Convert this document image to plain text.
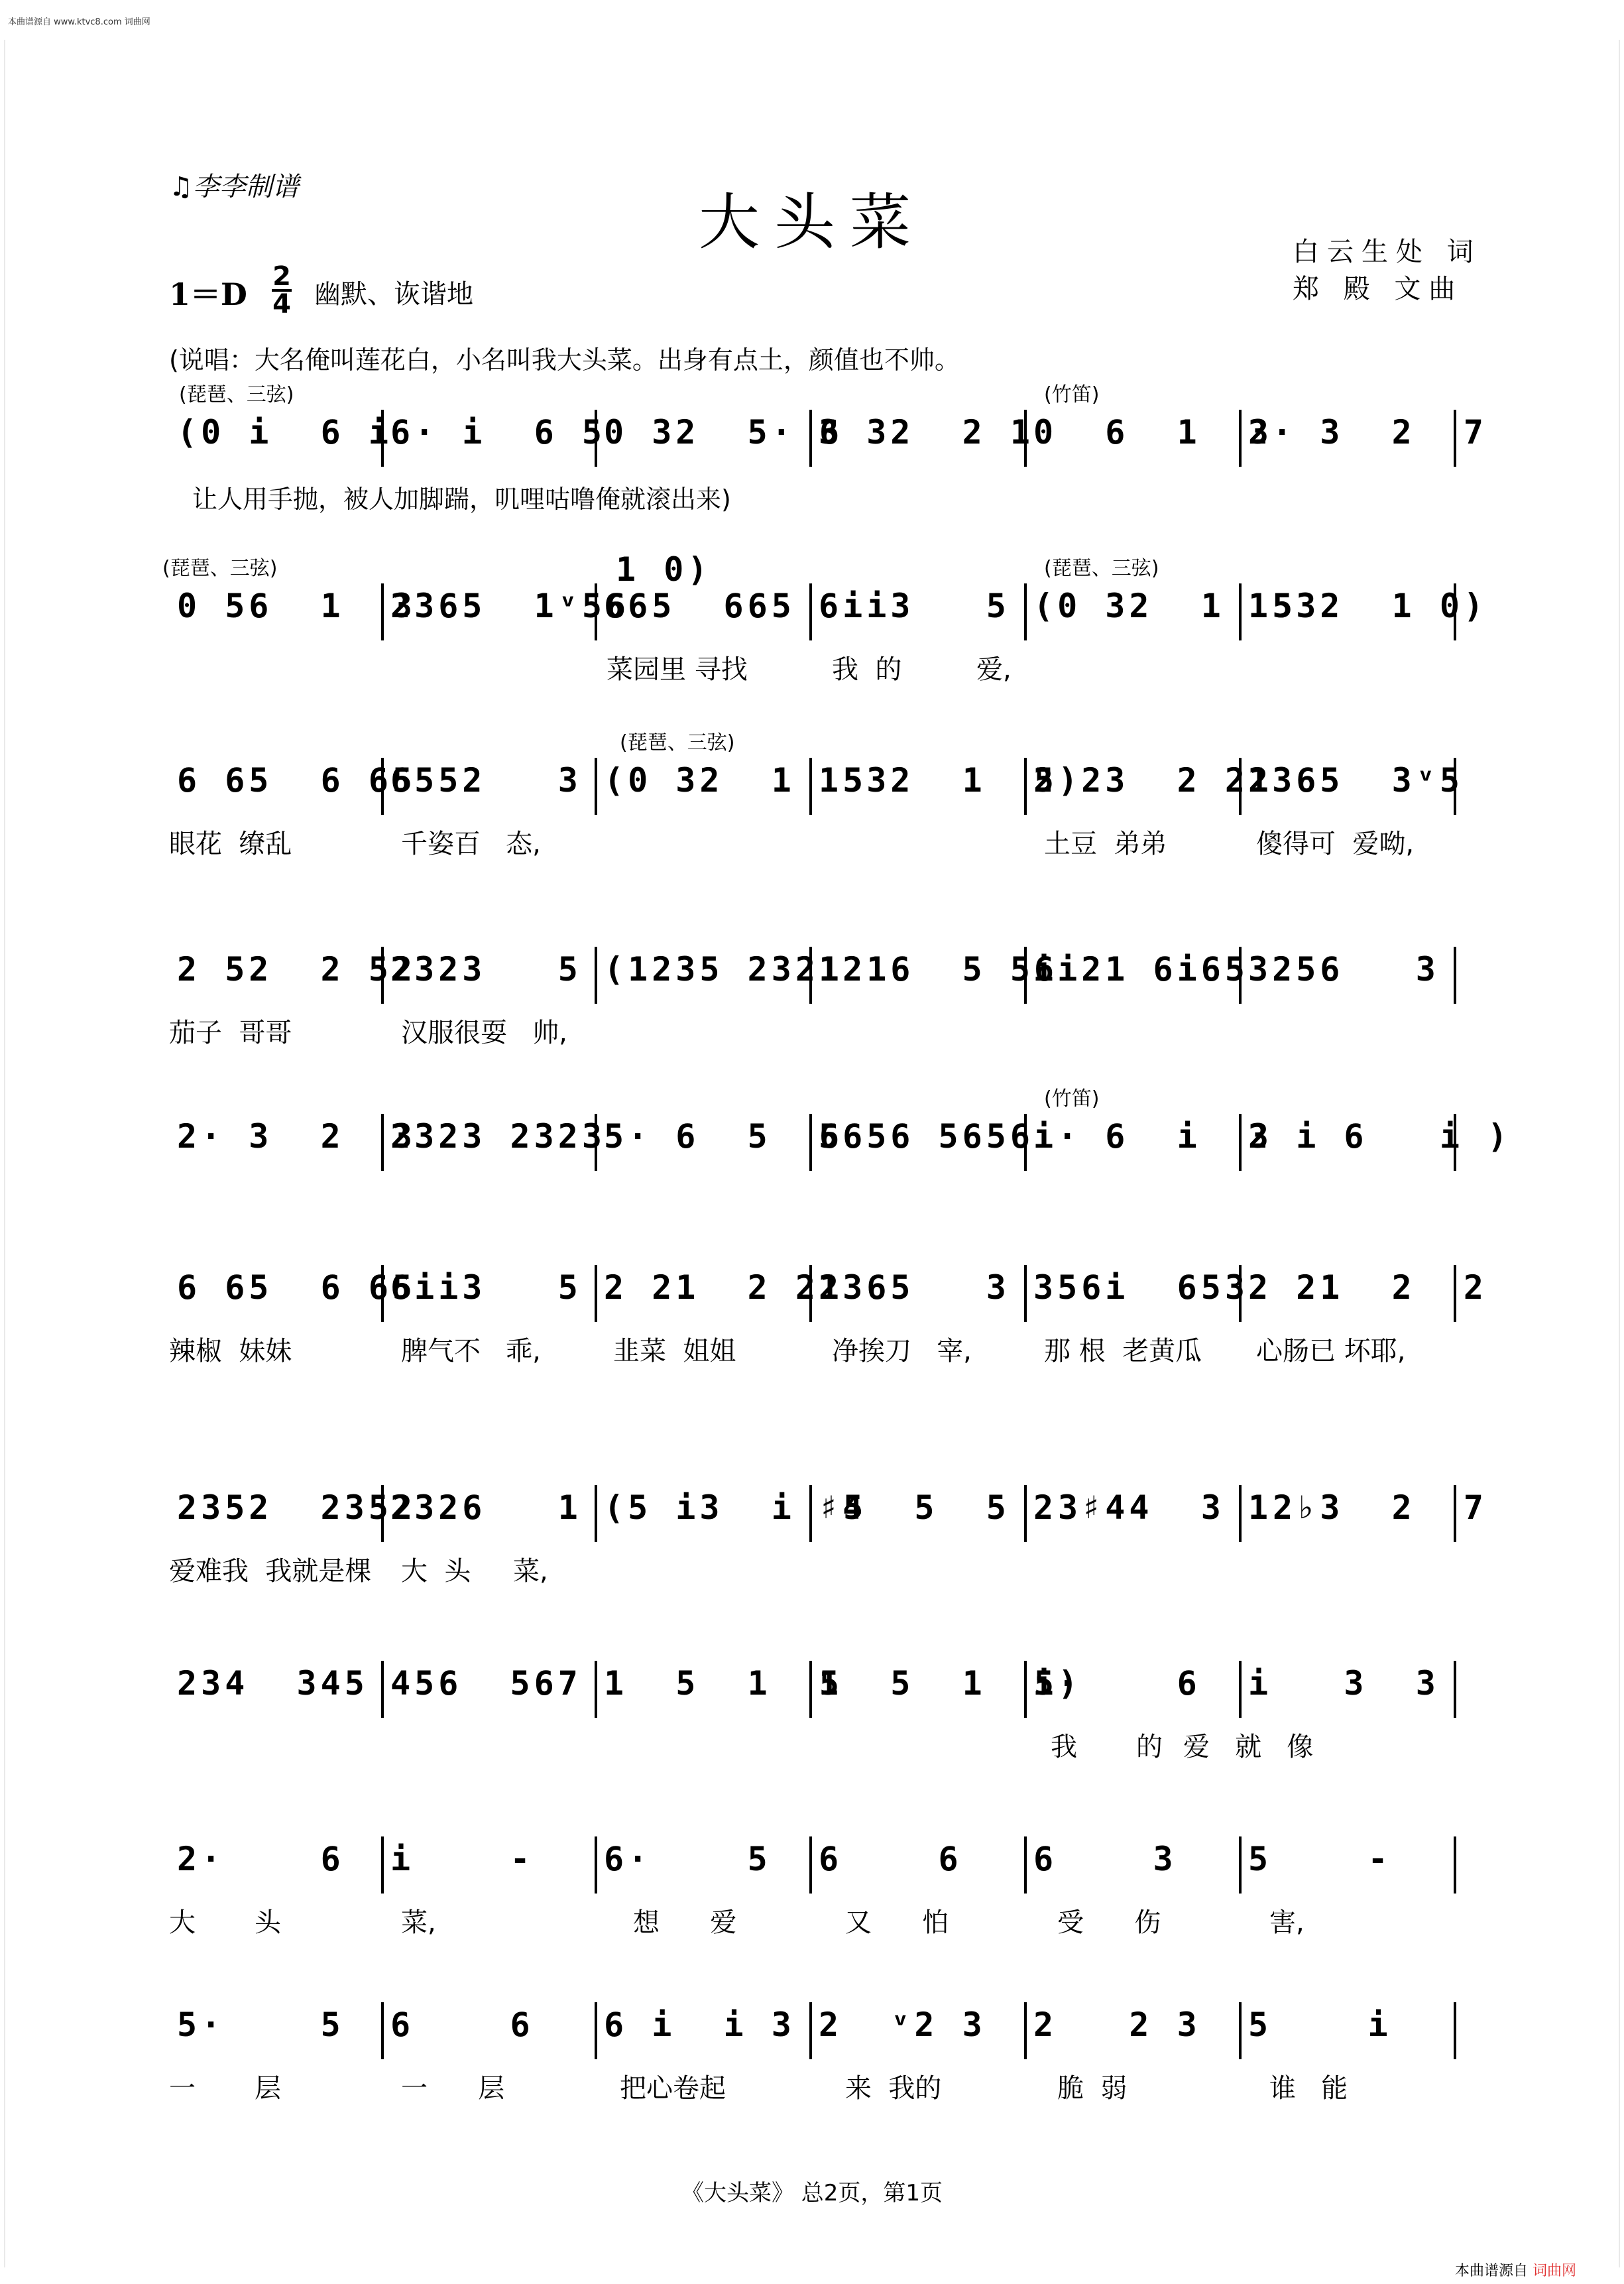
本曲谱源自 www.ktvc8.com 词曲网
♫李李制谱	大头菜	白云生处 词
郑 殿 文曲
1＝D 2
4 幽默、诙谐地
(说唱：大名俺叫莲花白，小名叫我大头菜。出身有点土，颜值也不帅。
让人用手抛，被人加脚踹，叽哩咕噜俺就滚出来)
(琵琶、三弦)	(竹笛)
(0 i  6 i
6· i  6 5
0 32  5· 6
3 32  2 1 0  6  1  3
2· 3  2  7
(琵琶、三弦)	(琵琶、三弦)
0 56  1  3
2365  1ᵛ56
665  665 6ii3   5 (0 32  1  5
1532  1 0)
1 0)
菜园里 寻找	我  的	爱,
(琵琶、三弦)
6 65  6 65
6552   3 (0 32  1  5
1532  1  5)
2 23  2 21
2365  3ᵛ5
眼花  缭乱	千姿百   态,	土豆  弟弟	傻得可  爱呦,
2 52  2 52
2323   5 (1235 2321
1216  5 56
ii21 6i65 3256   3
茄子  哥哥	汉服很耍   帅,
(竹笛)
2· 3  2  3
2323 2323
5· 6  5  6
5656 5656 i· 6  i  3
2 i 6   i )
6 65  6 65
6ii3   5 2 21  2 21
2365   3 356i  653 2 21  2  2
辣椒  妹妹	脾气不   乖,	韭菜  姐姐	净挨刀   宰,	那 根  老黄瓜 心肠已 坏耶,
2352  2352
2326   1 (5 i3  i  5
♯4  5  5  3
2 ♯44  3  2
1 ♭3  2  7
爱难我  我就是棵 大  头     菜,
234  345 456  567 1  5  1  5
1  5  1  5)
i·    6 i   3  3
我       的 爱   就   像
2·    6 i    - 6·    5 6    6 6    3 5    -
大       头	菜,	想      爱	又      怕	受      伤	害,
5·    5 6    6 6 i  i 3 2  ᵛ2 3 2   2 3 5    i
一       层	一      层	把心卷起	来  我的	脆  弱	谁   能
《大头菜》 总2页，第1页
本曲谱源自 词曲网
